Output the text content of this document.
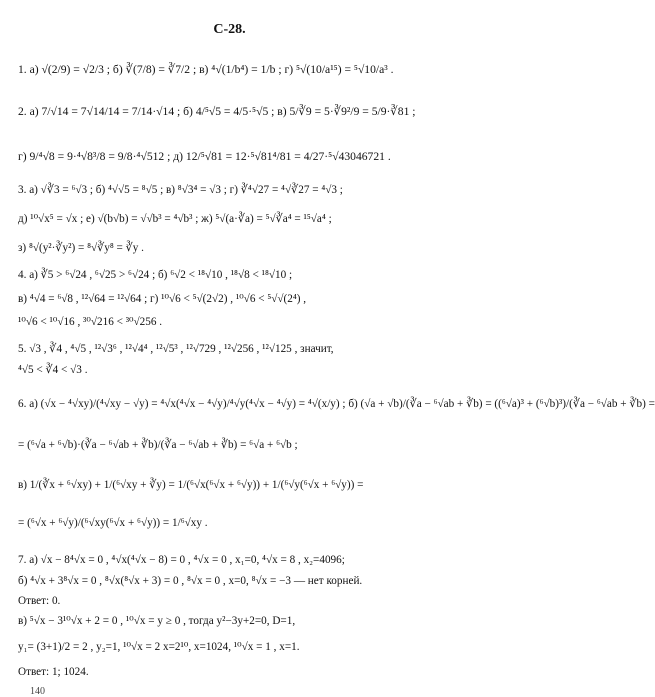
С-28.
1. а) √(2/9) = √2/3 ; б) ∛(7/8) = ∛7/2 ; в) ⁴√(1/b⁴) = 1/b ; г) ⁵√(10/a¹⁵) = ⁵√10/a³ .
2. а) 7/√14 = 7√14/14 = 7/14·√14 ; б) 4/⁵√5 = 4/5·⁵√5 ; в) 5/∛9 = 5·∛9²/9 = 5/9·∛81 ;
г) 9/⁴√8 = 9·⁴√8³/8 = 9/8·⁴√512 ; д) 12/⁵√81 = 12·⁵√81⁴/81 = 4/27·⁵√43046721 .
3. а) √∛3 = ⁶√3 ; б) ⁴√√5 = ⁸√5 ; в) ⁸√3⁴ = √3 ; г) ∛⁴√27 = ⁴√∛27 = ⁴√3 ;
д) ¹⁰√x⁵ = √x ; е) √(b√b) = √√b³ = ⁴√b³ ; ж) ⁵√(a·∛a) = ⁵√∛a⁴ = ¹⁵√a⁴ ;
з) ⁸√(y²·∛y²) = ⁸√∛y⁸ = ∛y .
4. а) ∛5 > ⁶√24 , ⁶√25 > ⁶√24 ; б) ⁶√2 < ¹⁸√10 , ¹⁸√8 < ¹⁸√10 ;
в) ⁴√4 = ⁶√8 , ¹²√64 = ¹²√64 ; г) ¹⁰√6 < ⁵√(2√2) , ¹⁰√6 < ⁵√√(2⁴) ,
¹⁰√6 < ¹⁰√16 , ³⁰√216 < ³⁰√256 .
5. √3 , ∛4 , ⁴√5 , ¹²√3⁶ , ¹²√4⁴ , ¹²√5³ , ¹²√729 , ¹²√256 , ¹²√125 , значит,
⁴√5 < ∛4 < √3 .
6. а) (√x − ⁴√xy)/(⁴√xy − √y) = ⁴√x(⁴√x − ⁴√y)/⁴√y(⁴√x − ⁴√y) = ⁴√(x/y) ; б) (√a + √b)/(∛a − ⁶√ab + ∛b) = ((⁶√a)³ + (⁶√b)³)/(∛a − ⁶√ab + ∛b) =
= (⁶√a + ⁶√b)·(∛a − ⁶√ab + ∛b)/(∛a − ⁶√ab + ∛b) = ⁶√a + ⁶√b ;
в) 1/(∛x + ⁶√xy) + 1/(⁶√xy + ∛y) = 1/(⁶√x(⁶√x + ⁶√y)) + 1/(⁶√y(⁶√x + ⁶√y)) =
= (⁶√x + ⁶√y)/(⁶√xy(⁶√x + ⁶√y)) = 1/⁶√xy .
7. а) √x − 8⁴√x = 0 , ⁴√x(⁴√x − 8) = 0 , ⁴√x = 0 , x₁=0, ⁴√x = 8 , x₂=4096;
б) ⁴√x + 3⁸√x = 0 , ⁸√x(⁸√x + 3) = 0 , ⁸√x = 0 , x=0, ⁸√x = −3 — нет корней.
Ответ: 0.
в) ⁵√x − 3¹⁰√x + 2 = 0 , ¹⁰√x = y ≥ 0 , тогда y²−3y+2=0, D=1,
y₁= (3+1)/2 = 2 , y₂=1, ¹⁰√x = 2 x=2¹⁰, x=1024, ¹⁰√x = 1 , x=1.
Ответ: 1; 1024.
140
